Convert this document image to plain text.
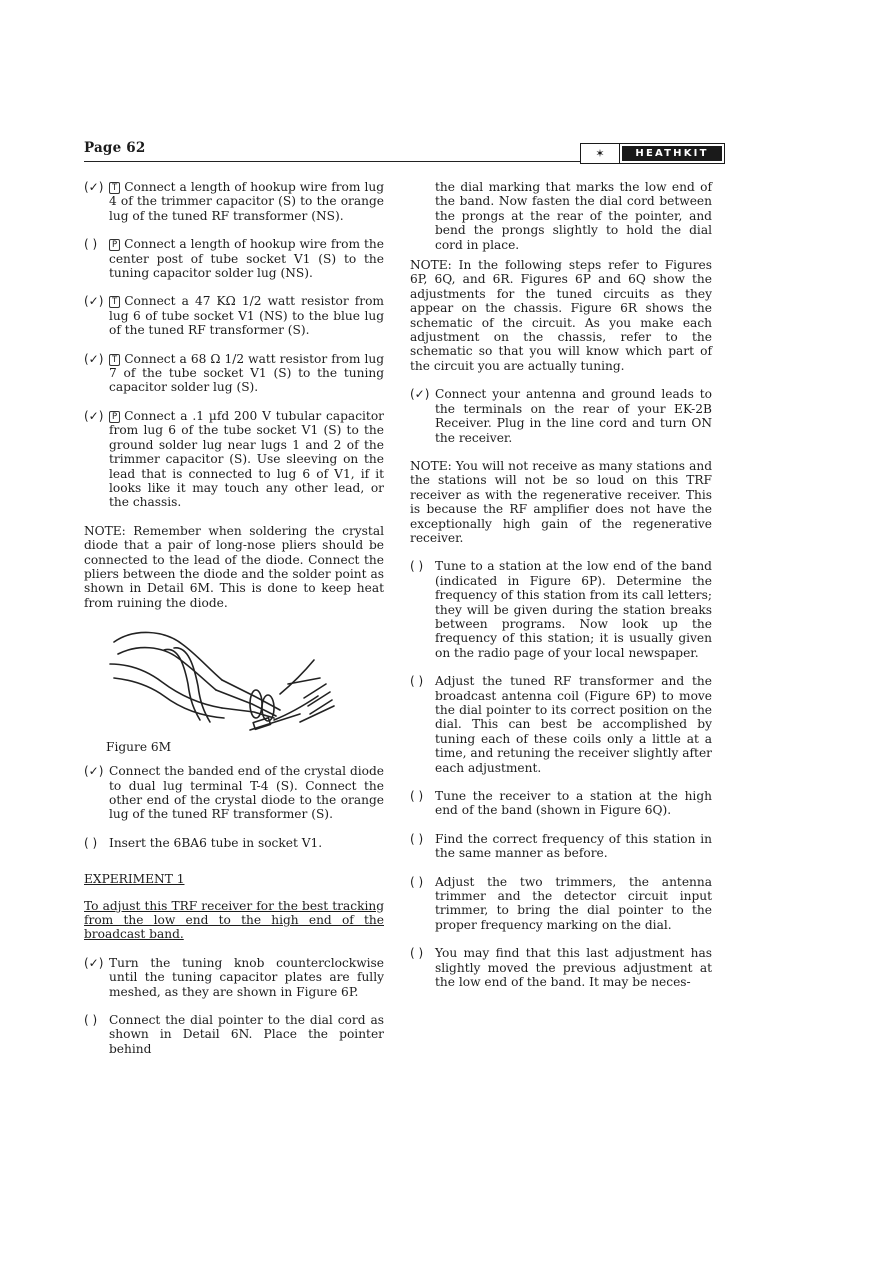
Page 62	✶	HEATHKIT
(✓)	T Connect a length of hookup wire from lug 4 of the trimmer capacitor (S) to the orange lug of the tuned RF transformer (NS).
( )	P Connect a length of hookup wire from the center post of tube socket V1 (S) to the tuning capacitor solder lug (NS).
(✓)	T Connect a 47 KΩ 1/2 watt resistor from lug 6 of tube socket V1 (NS) to the blue lug of the tuned RF transformer (S).
(✓)	T Connect a 68 Ω 1/2 watt resistor from lug 7 of the tube socket V1 (S) to the tuning capacitor solder lug (S).
(✓)	P Connect a .1 µfd 200 V tubular capacitor from lug 6 of the tube socket V1 (S) to the ground solder lug near lugs 1 and 2 of the trimmer capacitor (S). Use sleeving on the lead that is connected to lug 6 of V1, if it looks like it may touch any other lead, or the chassis.
NOTE: Remember when soldering the crystal diode that a pair of long-nose pliers should be connected to the lead of the diode. Connect the pliers between the diode and the solder point as shown in Detail 6M. This is done to keep heat from ruining the diode.
Figure 6M
(✓) Connect the banded end of the crystal diode to dual lug terminal T-4 (S). Connect the other end of the crystal diode to the orange lug of the tuned RF transformer (S).
( ) Insert the 6BA6 tube in socket V1.
EXPERIMENT 1
To adjust this TRF receiver for the best tracking from the low end to the high end of the broadcast band.
(✓) Turn the tuning knob counterclockwise until the tuning capacitor plates are fully meshed, as they are shown in Figure 6P.
( ) Connect the dial pointer to the dial cord as shown in Detail 6N. Place the pointer behind
the dial marking that marks the low end of the band. Now fasten the dial cord between the prongs at the rear of the pointer, and bend the prongs slightly to hold the dial cord in place.
NOTE: In the following steps refer to Figures 6P, 6Q, and 6R. Figures 6P and 6Q show the adjustments for the tuned circuits as they appear on the chassis. Figure 6R shows the schematic of the circuit. As you make each adjustment on the chassis, refer to the schematic so that you will know which part of the circuit you are actually tuning.
(✓) Connect your antenna and ground leads to the terminals on the rear of your EK-2B Receiver. Plug in the line cord and turn ON the receiver.
NOTE: You will not receive as many stations and the stations will not be so loud on this TRF receiver as with the regenerative receiver. This is because the RF amplifier does not have the exceptionally high gain of the regenerative receiver.
( ) Tune to a station at the low end of the band (indicated in Figure 6P). Determine the frequency of this station from its call letters; they will be given during the station breaks between programs. Now look up the frequency of this station; it is usually given on the radio page of your local newspaper.
( ) Adjust the tuned RF transformer and the broadcast antenna coil (Figure 6P) to move the dial pointer to its correct position on the dial. This can best be accomplished by tuning each of these coils only a little at a time, and retuning the receiver slightly after each adjustment.
( ) Tune the receiver to a station at the high end of the band (shown in Figure 6Q).
( ) Find the correct frequency of this station in the same manner as before.
( ) Adjust the two trimmers, the antenna trimmer and the detector circuit input trimmer, to bring the dial pointer to the proper frequency marking on the dial.
( ) You may find that this last adjustment has slightly moved the previous adjustment at the low end of the band. It may be neces-
